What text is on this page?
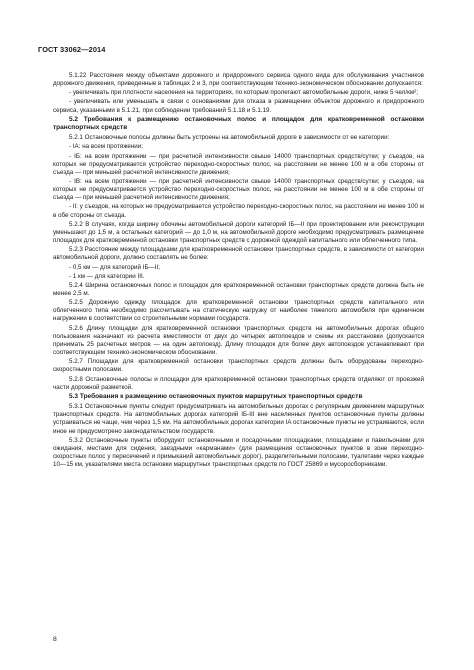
ГОСТ 33062—2014

5.1.22 Расстояния между объектами дорожного и придорожного сервиса одного вида для обслуживания участников дорожного движения, приведенные в таблицах 2 и 3, при соответствующем технико-экономическом обосновании допускается:

- увеличивать при плотности населения на территориях, по которым пролегают автомобильные дороги, ниже 5 чел/км²;

- увеличивать или уменьшать в связи с основаниями для отказа в размещении объектов дорожного и придорожного сервиса, указанными в 5.1.21, при соблюдении требований 5.1.18 и 5.1.19.

5.2 Требования к размещению остановочных полос и площадок для кратковременной остановки транспортных средств

5.2.1 Остановочные полосы должны быть устроены на автомобильной дороге в зависимости от ее категории:

- IA: на всем протяжении;

- IБ: на всем протяжении — при расчетной интенсивности свыше 14000 транспортных средств/сутки; у съездов, на которых не предусматривается устройство переходно-скоростных полос, на расстоянии не менее 100 м в обе стороны от съезда — при меньшей расчетной интенсивности движения;

- IB: на всем протяжении — при расчетной интенсивности свыше 14000 транспортных средств/сутки; у съездов, на которых не предусматривается устройство переходно-скоростных полос, на расстоянии не менее 100 м в обе стороны от съезда — при меньшей расчетной интенсивности движения;

- II: у съездов, на которых не предусматривается устройство переходно-скоростных полос, на расстоянии не менее 100 м в обе стороны от съезда.

5.2.2 В случаях, когда ширину обочины автомобильной дороги категорий IБ—II при проектировании или реконструкции уменьшают до 1,5 м, а остальных категорий — до 1,0 м, на автомобильной дороге необходимо предусматривать размещение площадок для кратковременной остановки транспортных средств с дорожной одеждой капитального или облегченного типа.

5.2.3 Расстояние между площадками для кратковременной остановки транспортных средств, в зависимости от категории автомобильной дороги, должно составлять не более:

- 0,5 км — для категорий IБ—II;

- 1 км — для категории III.

5.2.4 Ширина остановочных полос и площадок для кратковременной остановки транспортных средств должна быть не менее 2,5 м.

5.2.5 Дорожную одежду площадок для кратковременной остановки транспортных средств капитального или облегченного типа необходимо рассчитывать на статическую нагрузку от наиболее тяжелого автомобиля при единичном нагружении в соответствии со строительными нормами государств.

5.2.6 Длину площадки для кратковременной остановки транспортных средств на автомобильных дорогах общего пользования назначают из расчета вместимости от двух до четырех автопоездов и схемы их расстановки (допускается принимать 25 расчетных метров — на один автопоезд). Длину площадок для более двух автопоездов устанавливают при соответствующем технико-экономическом обосновании.

5.2.7 Площадки для кратковременной остановки транспортных средств должны быть оборудованы переходно-скоростными полосами.

5.2.8 Остановочные полосы и площадки для кратковременной остановки транспортных средств отделяют от проезжей части дорожной разметкой.

5.3 Требования к размещению остановочных пунктов маршрутных транспортных средств

5.3.1 Остановочные пункты следует предусматривать на автомобильных дорогах с регулярным движением маршрутных транспортных средств. На автомобильных дорогах категорий IБ-III вне населенных пунктов остановочные пункты должны устраиваться не чаще, чем через 1,5 км. На автомобильных дорогах категории IA остановочные пункты не устраиваются, если иное не предусмотрено законодательством государств.

5.3.2 Остановочные пункты оборудуют остановочными и посадочными площадками, площадками и павильонами для ожидания, местами для сидения, заездными «карманами» (для размещения остановочных пунктов в зоне переходно-скоростных полос у пересечений и примыканий автомобильных дорог), разделительными полосами, туалетами через каждые 10—15 км, указателями места остановки маршрутных транспортных средств по ГОСТ 25869 и мусоросборниками.

8
